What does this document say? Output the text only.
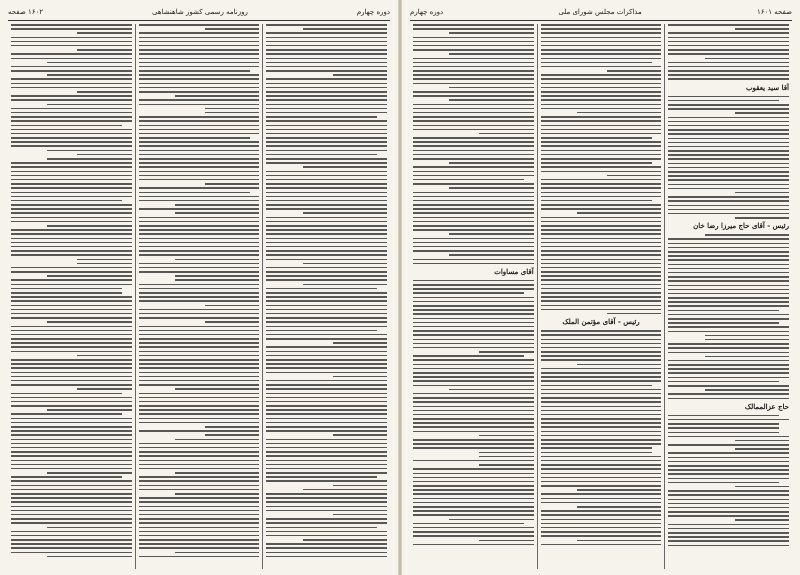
دوره چهارم
روزنامه رسمی کشور شاهنشاهی
۱۶۰۲ صفحه	صفحه ۱۶۰۱
مذاکرات مجلس شورای ملی
دوره چهارم
آقا سید یعقوب
رئیس - آقای حاج میرزا رضا خان
حاج عزالممالک
رئیس - آقای مؤتمن الملک
آقای مساوات
